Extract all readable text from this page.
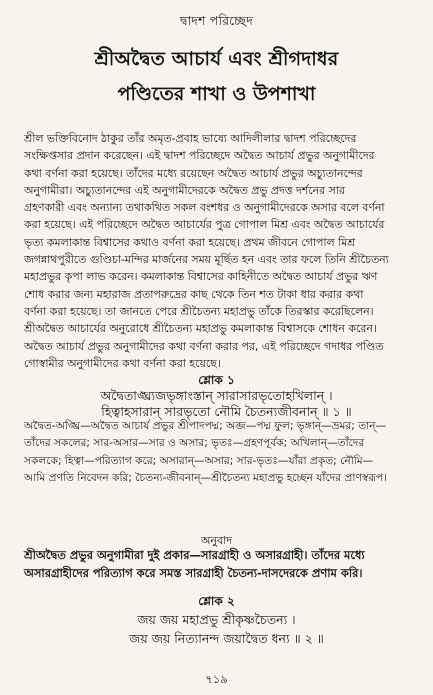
দ্বাদশ পরিচ্ছেদ
শ্রীঅদ্বৈত আচার্য এবং শ্রীগদাধর
পণ্ডিতের শাখা ও উপশাখা

শ্রীল ভক্তিবিনোদ ঠাকুর তাঁর অমৃত-প্রবাহ ভাষ্যে আদিলীলার দ্বাদশ পরিচ্ছেদের

সংক্ষিপ্তসার প্রদান করেছেন। এই দ্বাদশ পরিচ্ছেদে অদ্বৈত আচার্য প্রভুর অনুগামীদের

কথা বর্ণনা করা হয়েছে। তাঁদের মধ্যে রয়েছেন অদ্বৈত আচার্য প্রভুর অচ্যুতানন্দের

অনুগামীরা। অচ্যুতানন্দের এই অনুগামীদেরকে অদ্বৈত প্রভু প্রদত্ত দর্শনের সার

গ্রহণকারী এবং অন্যান্য তথাকথিত সকল বংশধর ও অনুগামীদেরকে অসার বলে বর্ণনা

করা হয়েছে। এই পরিচ্ছেদে অদ্বৈত আচার্যের পুত্র গোপাল মিশ্র এবং অদ্বৈত আচার্যের

ভৃত্য কমলাকান্ত বিশ্বাসের কথাও বর্ণনা করা হয়েছে। প্রথম জীবনে গোপাল মিশ্র

জগন্নাথপুরীতে গুণ্ডিচা-মন্দির মার্জনের সময় মূর্ছিত হন এবং তার ফলে তিনি শ্রীচৈতন্য

মহাপ্রভুর কৃপা লাভ করেন। কমলাকান্ত বিশ্বাসের কাহিনীতে অদ্বৈত আচার্য প্রভুর ঋণ

শোধ করার জন্য মহারাজ প্রতাপরুদ্রের কাছ থেকে তিন শত টাকা ধার করার কথা

বর্ণনা করা হয়েছে। তা জানতে পেরে শ্রীচৈতন্য মহাপ্রভু তাঁকে তিরস্কার করেছিলেন।

শ্রীঅদ্বৈত আচার্যের অনুরোধে শ্রীচৈতন্য মহাপ্রভু কমলাকান্ত বিশ্বাসকে শোধন করেন।

অদ্বৈত আচার্য প্রভুর অনুগামীদের কথা বর্ণনা করার পর, এই পরিচ্ছেদে গদাধর পণ্ডিত

গোস্বামীর অনুগামীদের কথা বর্ণনা করা হয়েছে।

শ্লোক ১
অদ্বৈতাঙ্ঘ্র্যজভৃঙ্গাংস্তান্ সারাসারভৃতোহখিলান্ ।
হিত্বাহসারান্ সারভৃতো নৌমি চৈতন্যজীবনান্ ॥ ১ ॥
অদ্বৈত-অঙ্ঘ্রি—অদ্বৈত আচার্য প্রভুর শ্রীপাদপদ্ম; অব্জ—পদ্ম ফুল; ভৃঙ্গান্—ভ্রমর; তান্—
তাঁদের সকলের; সার-অসার—সার ও অসার; ভৃতঃ—গ্রহণপূর্বক; অখিলান্—তাঁদের
সকলকে; হিত্বা—পরিত্যাগ করে; অসারান্—অসার; সার-ভৃতঃ—যাঁরা প্রকৃত; নৌমি—
আমি প্রণতি নিবেদন করি; চৈতন্য-জীবনান্—শ্রীচৈতন্য মহাপ্রভু হচ্ছেন যাঁদের প্রাণস্বরূপ।
অনুবাদ
শ্রীঅদ্বৈত প্রভুর অনুগামীরা দুই প্রকার—সারগ্রাহী ও অসারগ্রাহী। তাঁদের মধ্যে
অসারগ্রাহীদের পরিত্যাগ করে সমস্ত সারগ্রাহী চৈতন্য-দাসদেরকে প্রণাম করি।
শ্লোক ২
জয় জয় মহাপ্রভু শ্রীকৃষ্ণচৈতন্য ।
জয় জয় নিত্যানন্দ জয়াদ্বৈত ধন্য ॥ ২ ॥
৭১৯
